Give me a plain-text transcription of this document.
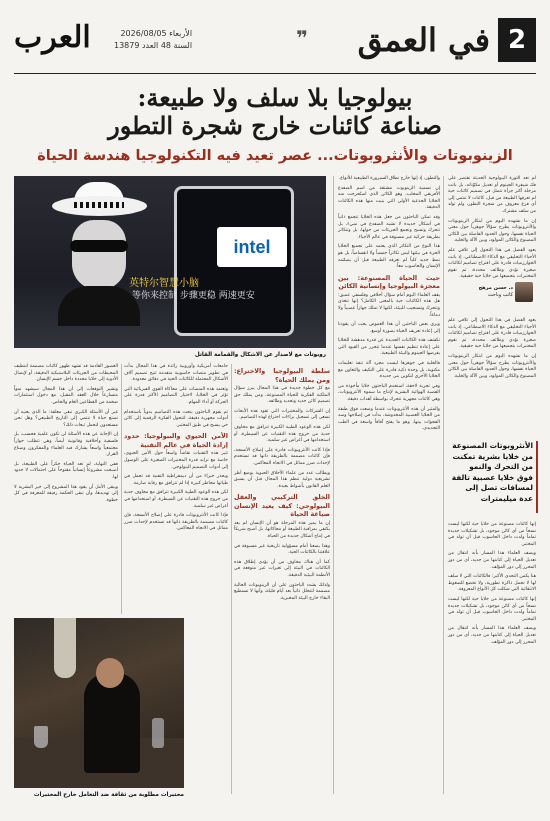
2
في العمق
❞
الأربعاء 2026/08/05
السنة 48 العدد 13879
العرب
بيولوجيا بلا سلف ولا طبيعة:
صناعة كائنات خارج شجرة التطور
الزينوبوتات والأنثروبوتات... عصر تعيد فيه التكنولوجيا هندسة الحياة
intel
英特尔智慧小脑
等你来控制 步骤更稳 两速更安
روبوتات مع لاصدار عن الاشكال والقمامة القاتل
د. حسن مرهج
كاتب وباحث

لم تعد الثورة البيولوجية الحديثة تقتصر على فك شيفرة الجينوم أو تعديل مكوّناته، بل باتت مرحلة أكثر جرأة تتمثل في تصميم كائنات حية لم تعرفها الطبيعة من قبل، كائنات لا تنتمي إلى أي فرع معروف من شجرة التطور، ولم تولد من سلف مشترك.

إن ما نشهده اليوم من ابتكار الزينوبوتات والأنثروبوتات يطرح سؤالاً جوهرياً حول معنى الحياة نفسها، وحول الحدود الفاصلة بين الكائن المصنوع والكائن المولود، وبين الآلة والخلية.

يعود الفضل في هذا التحول إلى تلاقي علم الأحياء التخليقي مع الذكاء الاصطناعي، إذ باتت الخوارزميات قادرة على اقتراح تصاميم لكائنات صغيرة تؤدي وظائف محددة، ثم تقوم المختبرات بتجميعها من خلايا حية حقيقية.

يعود الفضل في هذا التحول إلى تلاقي علم الأحياء التخليقي مع الذكاء الاصطناعي، إذ باتت الخوارزميات قادرة على اقتراح تصاميم لكائنات صغيرة تؤدي وظائف محددة، ثم تقوم المختبرات بتجميعها من خلايا حية حقيقية.

إن ما نشهده اليوم من ابتكار الزينوبوتات والأنثروبوتات يطرح سؤالاً جوهرياً حول معنى الحياة نفسها، وحول الحدود الفاصلة بين الكائن المصنوع والكائن المولود، وبين الآلة والخلية.

الأنثروبوتات المصنوعة من خلايا بشرية تمكنت من التحرك والنمو فوق خلايا عصبية تالفة لمسافات تصل إلى عدة ميليمترات

إنها كائنات مصنوعة من خلايا حية لكنها ليست نسخاً من أي كائن موجود، بل تشكيلات جديدة تماماً ولدت داخل الحاسوب قبل أن تولد في المختبر.

ويصف العلماء هذا المسار بأنه انتقال من تعديل الحياة إلى كتابتها من جديد، أي من دور المحرر إلى دور المؤلف.

هنا يكمن التحدي الأكبر: فالكائنات التي لا سلف لها لا تحمل ذاكرة تطورية، ولا تخضع للضغوط الانتقائية التي شكلت كل الأنواع المعروفة.

إنها كائنات مصنوعة من خلايا حية لكنها ليست نسخاً من أي كائن موجود، بل تشكيلات جديدة تماماً ولدت داخل الحاسوب قبل أن تولد في المختبر.

ويصف العلماء هذا المسار بأنه انتقال من تعديل الحياة إلى كتابتها من جديد، أي من دور المحرر إلى دور المؤلف.

والتطور، إذ إنها خارج نطاق السيرورة الطبيعية للأنواع.

إن تسمية الزينوبوت مشتقة من اسم الضفدع الأفريقي المخلب، وهو الكائن الذي استُخرجت منه الخلايا الجذعية الأولى التي بنيت منها هذه الكائنات الدقيقة.

وقد تمكن الباحثون من جعل هذه الخلايا تتجمع ذاتياً في أشكال جديدة لا تشبه الضفدع في شيء، بل تتحرك وتسبح وتجمع الجزيئات من حولها، بل وتتكاثر بطريقة حركية غير مسبوقة في عالم الأحياء.

هذا النوع من التكاثر الذي يعتمد على تجميع الخلايا الحرة في بيئتها ليس تكاثراً جنسياً ولا انقسامياً، بل هو نمط جديد كلياً لم تعرفه الطبيعة قبل أن يصمّمه الإنسان والحاسوب معاً.

حيث الحياة المصنوعة: بين معجزة البيولوجيا وإنسانية الكائن

يقف العلماء اليوم أمام سؤال أخلاقي وفلسفي عميق: هل هذه الكائنات حية بالمعنى الكامل؟ إنها تتغذى وتتحرك وتستجيب للبيئة، لكنها لا تملك جهازاً عصبياً ولا دماغاً.

ويرى بعض الباحثين أن هذا الغموض يجب أن يقودنا إلى إعادة تعريف الحياة بصورة أوسع.

تكشف هذه الكائنات الجديدة عن قدرة مدهشة للخلايا على إعادة تنظيم نفسها عندما تتحرر من القيود التي يفرضها الجينوم والبيئة الطبيعية.

فالخلية في جوهرها ليست مجرد آلة تنفذ تعليمات مكتوبة، بل وحدة ذكية قادرة على التكيف والتعاون مع الخلايا الأخرى لتكوين بنى جديدة.

وفي تجربة لاحقة، استخدم الباحثون خلايا مأخوذة من القصبة الهوائية البشرية لإنتاج ما سموه الأنثروبوتات، وهي كائنات مجهرية تتحرك بواسطة أهداب دقيقة.

والمثير أن هذه الأنثروبوتات عندما وضعت فوق طبقة من الخلايا العصبية المخدوشة، بدأت في إصلاحها وسد الفجوات بينها، وهو ما يفتح آفاقاً واسعة في الطب التجديدي.

سلطة البيولوجيا والاختراع: ومن يملك الحياة؟

مع كل خطوة جديدة في هذا المجال يبرز سؤال الملكية الفكرية للحياة المصنوعة، ومن يملك حق تصميم كائن جديد وتحديد وظائفه.

إن الشركات والمختبرات التي تقود هذه الأبحاث تسعى إلى تسجيل براءات اختراع لهذه التصاميم.

لكن هذه الوعود الطبية الكبيرة تترافق مع مخاوف جدية من خروج هذه التقنيات عن السيطرة، أو استخدامها في أغراض غير سلمية.

فإذا كانت الأنثروبوتات قادرة على إصلاح الأنسجة، فإن كائنات مصممة بالطريقة ذاتها قد تستخدم لإحداث ضرر مماثل في الاتجاه المعاكس.

ويطالب عدد من علماء الأخلاق الحيوية بوضع أطر تشريعية دولية تنظم هذا المجال قبل أن يسبق العلم القانون بأشواط بعيدة.

الخلق التركيبي والعقل البيولوجي: كيف يعيد الإنسان صياغة الحياة

إن ما يميز هذه المرحلة هو أن الإنسان لم يعد يكتفي بمراقبة الطبيعة أو محاكاتها، بل أصبح شريكاً في إنتاج أشكال جديدة من الحياة.

وهذا يضعنا أمام مسؤولية تاريخية غير مسبوقة في علاقتنا بالكائنات الحية.

كما أن هناك مخاوف من أن يؤدي إطلاق هذه الكائنات في البيئة إلى تغيرات غير متوقعة في الأنظمة البيئية الدقيقة.

ولذلك يشدد الباحثون على أن الزينوبوتات الحالية مصممة لتتحلل ذاتياً بعد أيام قليلة، وأنها لا تستطيع البقاء خارج البيئة المخبرية.

جامعات أمريكية وأوروبية رائدة في هذا المجال بدأت في تطوير منصات حاسوبية متقدمة تتيح تصميم آلاف الأشكال المحتملة للكائنات الحية في دقائق معدودة.

وتعتمد هذه المنصات على محاكاة القوى الفيزيائية التي تؤثر في الخلايا، لاختيار التصاميم الأكثر قدرة على الحركة أو أداء المهام.

ثم يقوم الباحثون بنحت هذه التصاميم يدوياً باستخدام أدوات مجهرية دقيقة، لتتحول الفكرة الرقمية إلى كائن حي يسبح في طبق المختبر.

الأمن الحيوي والبيولوجيا: حدود إرادة الحياة في عالم التقنية

تثير هذه التقنيات نقاشاً واسعاً حول الأمن الحيوي، خاصة مع تزايد قدرة المختبرات الصغيرة على الوصول إلى أدوات التصميم البيولوجي.

ويحذر خبراء من أن ديمقراطية التقنية قد تحمل في طياتها مخاطر كبيرة إذا لم تترافق مع رقابة صارمة.

لكن هذه الوعود الطبية الكبيرة تترافق مع مخاوف جدية من خروج هذه التقنيات عن السيطرة، أو استخدامها في أغراض غير سلمية.

فإذا كانت الأنثروبوتات قادرة على إصلاح الأنسجة، فإن كائنات مصممة بالطريقة ذاتها قد تستخدم لإحداث ضرر مماثل في الاتجاه المعاكس.

العصور القادمة قد تشهد ظهور كائنات مصممة لتنظيف المحيطات من الجزيئات البلاستيكية الدقيقة، أو لإيصال الأدوية إلى خلايا محددة داخل جسم الإنسان.

وتشير التوقعات إلى أن هذا المجال سيشهد نمواً متسارعاً خلال العقد المقبل، مع دخول استثمارات ضخمة من القطاعين العام والخاص.

غير أن الأسئلة الكبرى تبقى معلقة: ما الذي يعنيه أن نصنع حياة لا تنتمي إلى التاريخ الطبيعي؟ وهل نحن مستعدون لتحمل تبعات ذلك؟

إن الإجابة عن هذه الأسئلة لن تكون علمية فحسب، بل فلسفية وأخلاقية وقانونية أيضاً، وهي تتطلب حواراً مجتمعياً واسعاً يشارك فيه العلماء والمفكرون وصناع القرار.

ففي النهاية، لم تعد الحياة حكراً على الطبيعة، بل أصبحت مشروعاً إنسانياً مفتوحاً على احتمالات لا حدود لها.

ويبقى الأمل أن يقود هذا المشروع إلى خير البشرية لا إلى تهديدها، وأن تبقى الحكمة رفيقة للمعرفة في كل خطوة.

مختبرات مطلوبة من ثقافة ضد التعامل خارج المختبرات
